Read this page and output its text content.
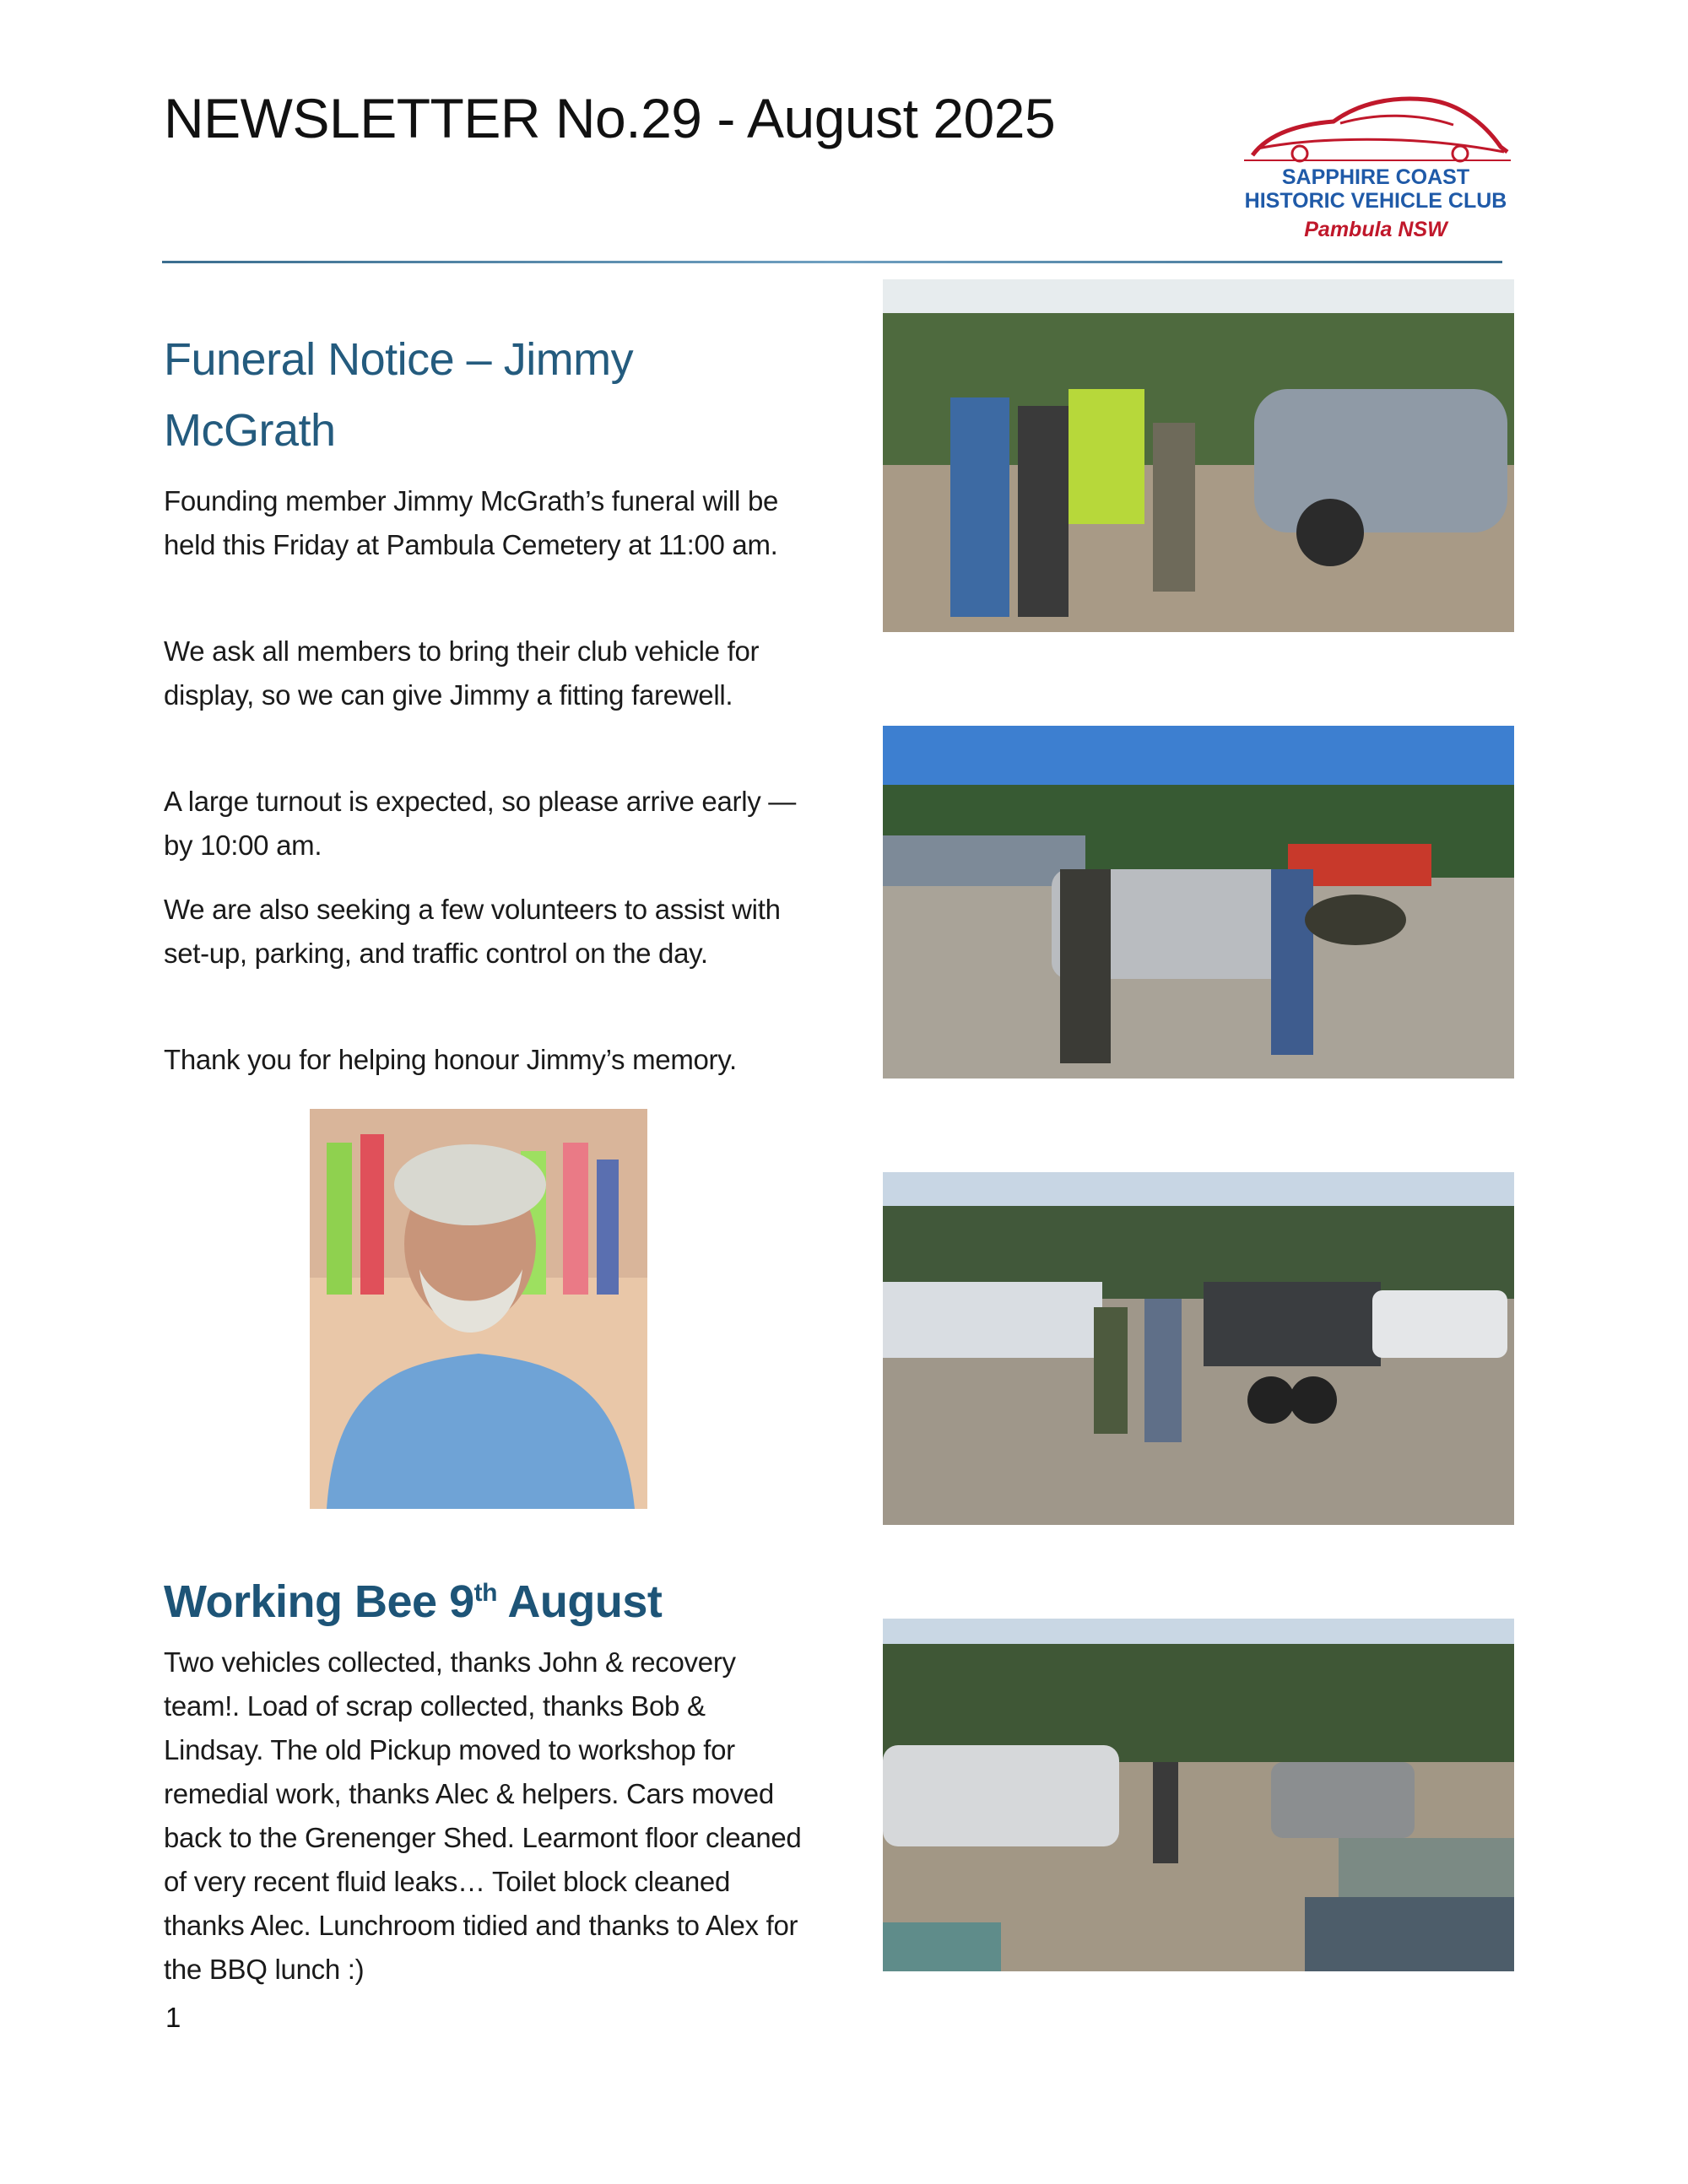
NEWSLETTER No.29 - August 2025
SAPPHIRE COAST
HISTORIC VEHICLE CLUB
Pambula NSW
Funeral Notice – Jimmy
McGrath
Founding member Jimmy McGrath’s funeral will be held this Friday at Pambula Cemetery at 11:00 am.
We ask all members to bring their club vehicle for display, so we can give Jimmy a fitting farewell.
A large turnout is expected, so please arrive early — by 10:00 am.
We are also seeking a few volunteers to assist with set-up, parking, and traffic control on the day.
Thank you for helping honour Jimmy’s memory.
Working Bee 9th August
Two vehicles collected, thanks John & recovery team!. Load of scrap collected, thanks Bob & Lindsay. The old Pickup moved to workshop for remedial work, thanks Alec & helpers. Cars moved back to the Grenenger Shed. Learmont floor cleaned of very recent fluid leaks… Toilet block cleaned thanks Alec. Lunchroom tidied and thanks to Alex for the BBQ lunch :)
1
